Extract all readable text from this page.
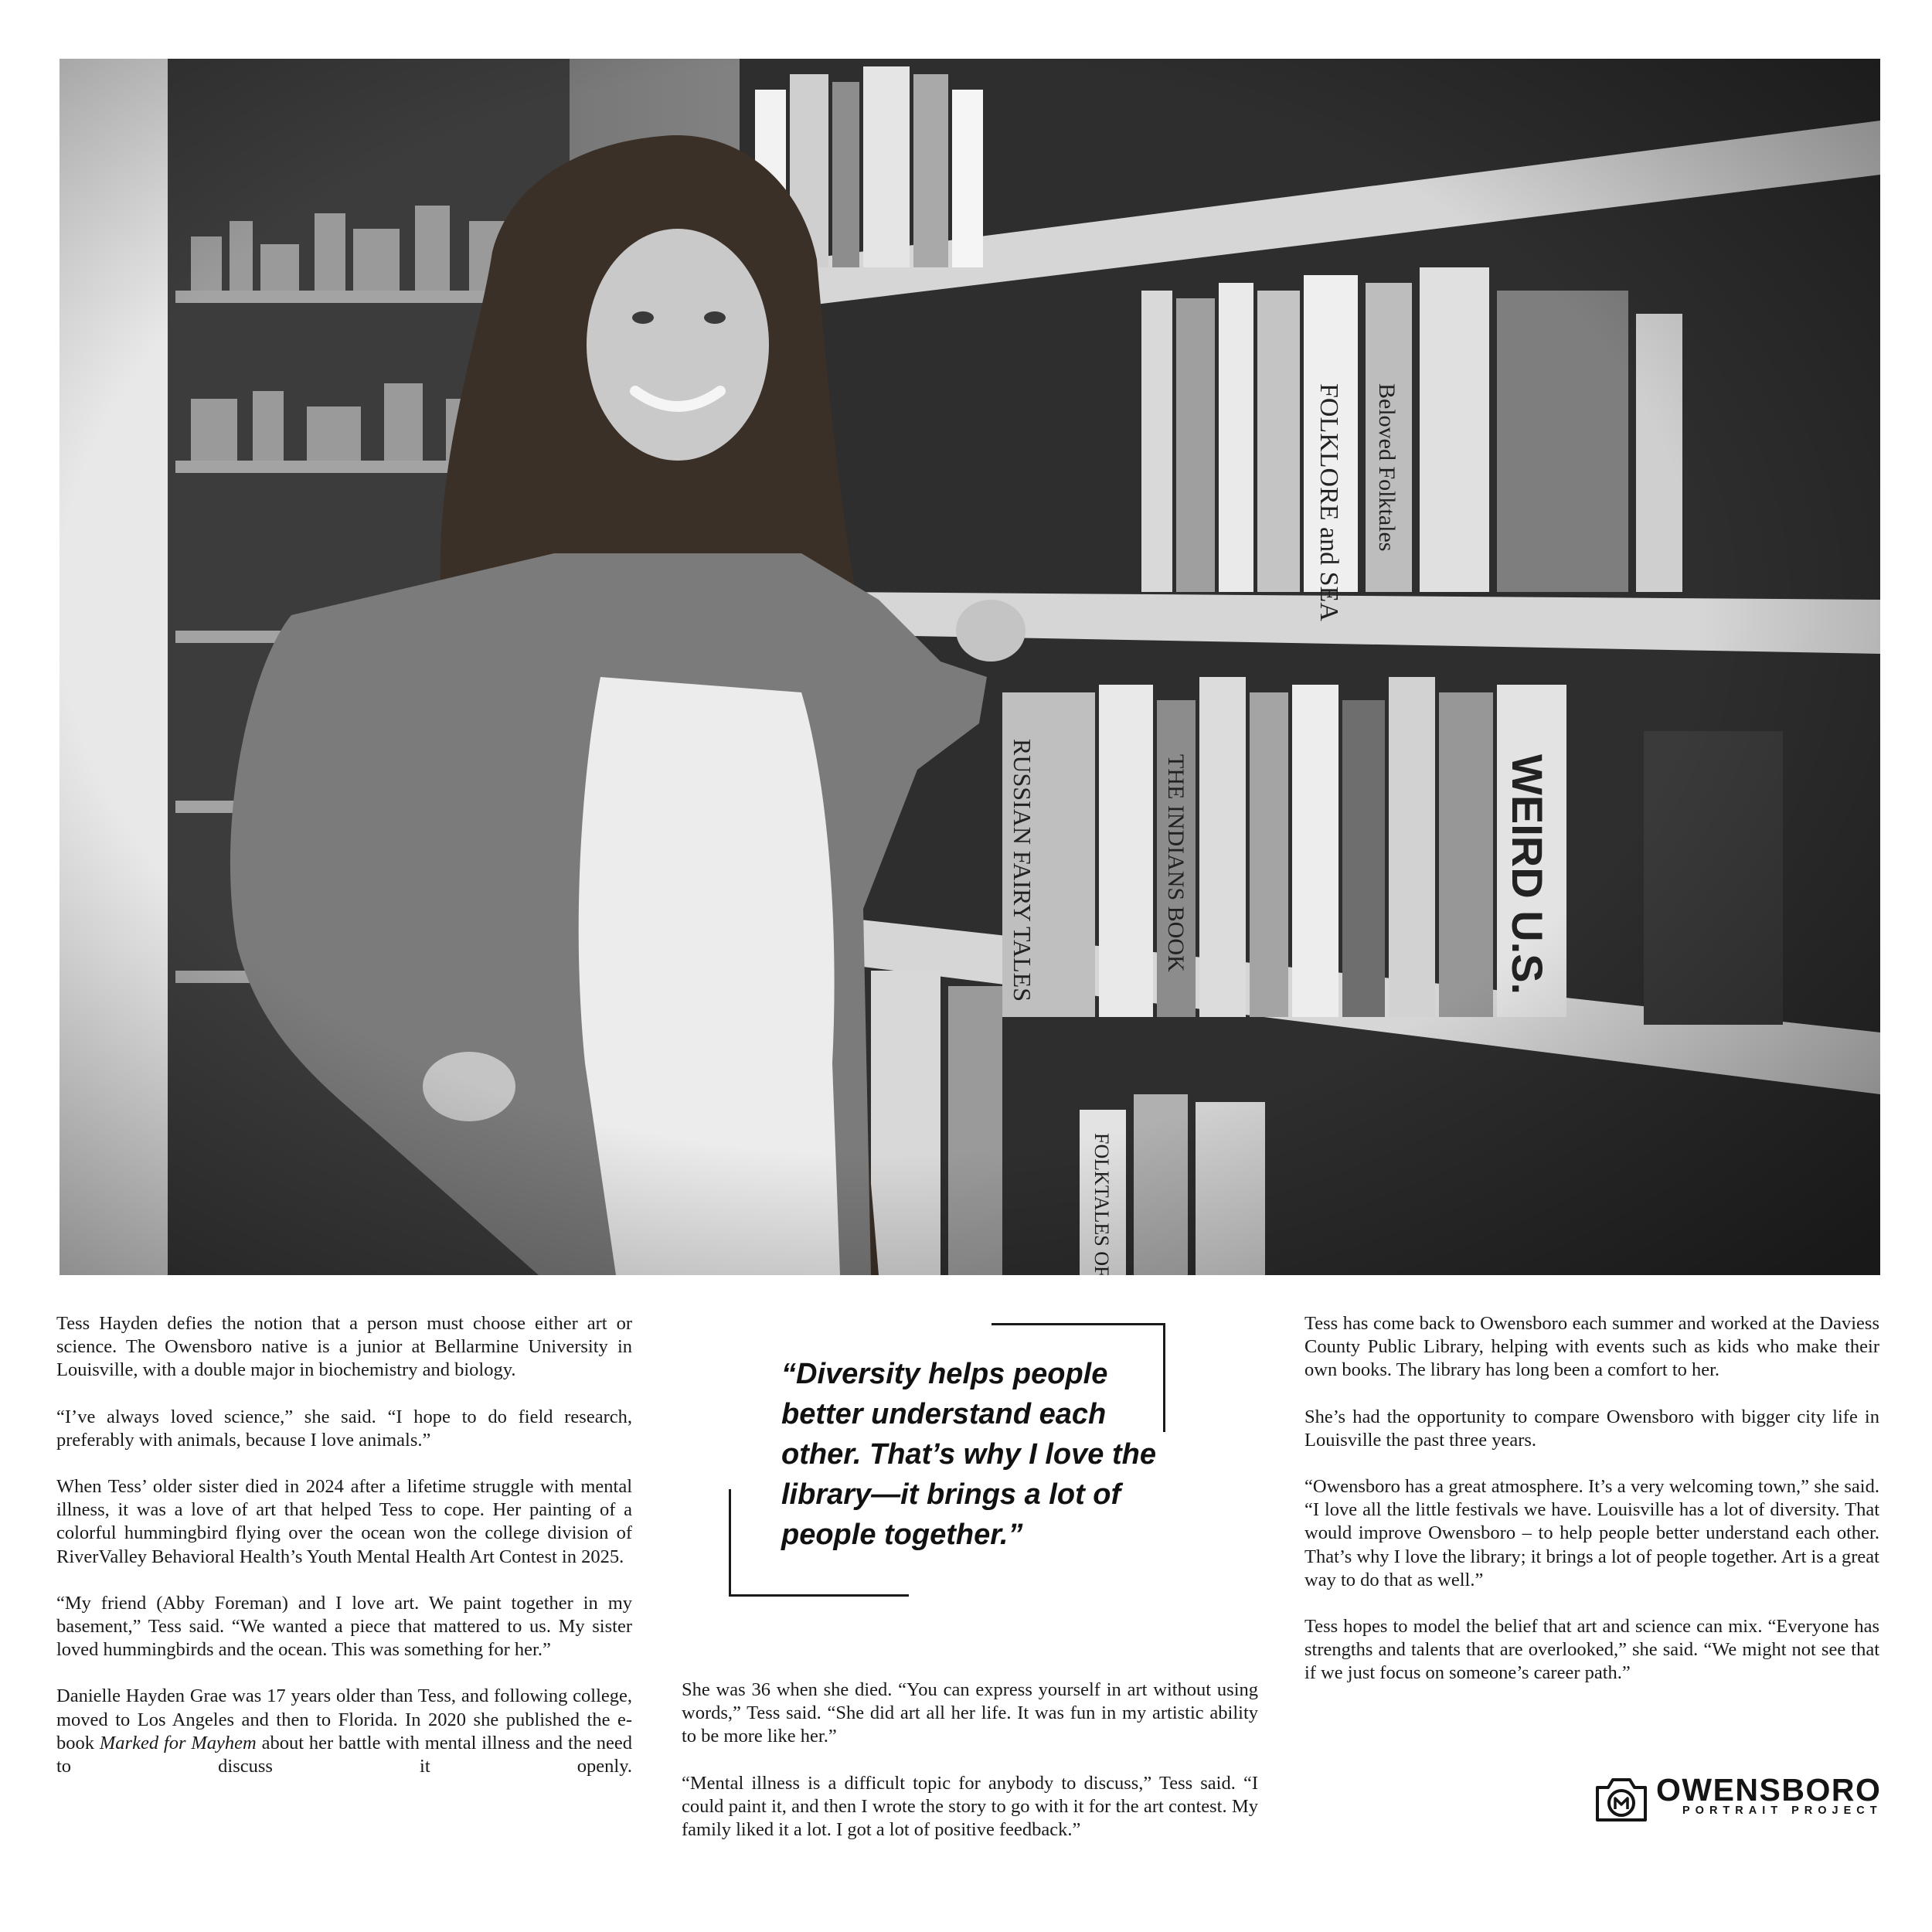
Tess Hayden defies the notion that a person must choose either art or science. The Owensboro native is a junior at Bellarmine University in Louisville, with a double major in biochemistry and biology.

“I’ve always loved science,” she said. “I hope to do field research, preferably with animals, because I love animals.”

When Tess’ older sister died in 2024 after a lifetime struggle with mental illness, it was a love of art that helped Tess to cope. Her painting of a colorful hummingbird flying over the ocean won the college division of RiverValley Behavioral Health’s Youth Mental Health Art Contest in 2025.

“My friend (Abby Foreman) and I love art. We paint together in my basement,” Tess said. “We wanted a piece that mattered to us. My sister loved hummingbirds and the ocean. This was something for her.”

Danielle Hayden Grae was 17 years older than Tess, and following college, moved to Los Angeles and then to Florida. In 2020 she published the e-book Marked for Mayhem about her battle with mental illness and the need to discuss it openly.

“Diversity helps people better understand each other. That’s why I love the library—it brings a lot of people together.”

She was 36 when she died. “You can express yourself in art without using words,” Tess said. “She did art all her life. It was fun in my artistic ability to be more like her.”

“Mental illness is a difficult topic for anybody to discuss,” Tess said. “I could paint it, and then I wrote the story to go with it for the art contest. My family liked it a lot. I got a lot of positive feedback.”

Tess has come back to Owensboro each summer and worked at the Daviess County Public Library, helping with events such as kids who make their own books. The library has long been a comfort to her.

She’s had the opportunity to compare Owensboro with bigger city life in Louisville the past three years.

“Owensboro has a great atmosphere. It’s a very welcoming town,” she said. “I love all the little festivals we have. Louisville has a lot of diversity. That would improve Owensboro – to help people better understand each other. That’s why I love the library; it brings a lot of people together. Art is a great way to do that as well.”

Tess hopes to model the belief that art and science can mix. “Everyone has strengths and talents that are overlooked,” she said. “We might not see that if we just focus on someone’s career path.”

OWENSBORO
PORTRAIT PROJECT
